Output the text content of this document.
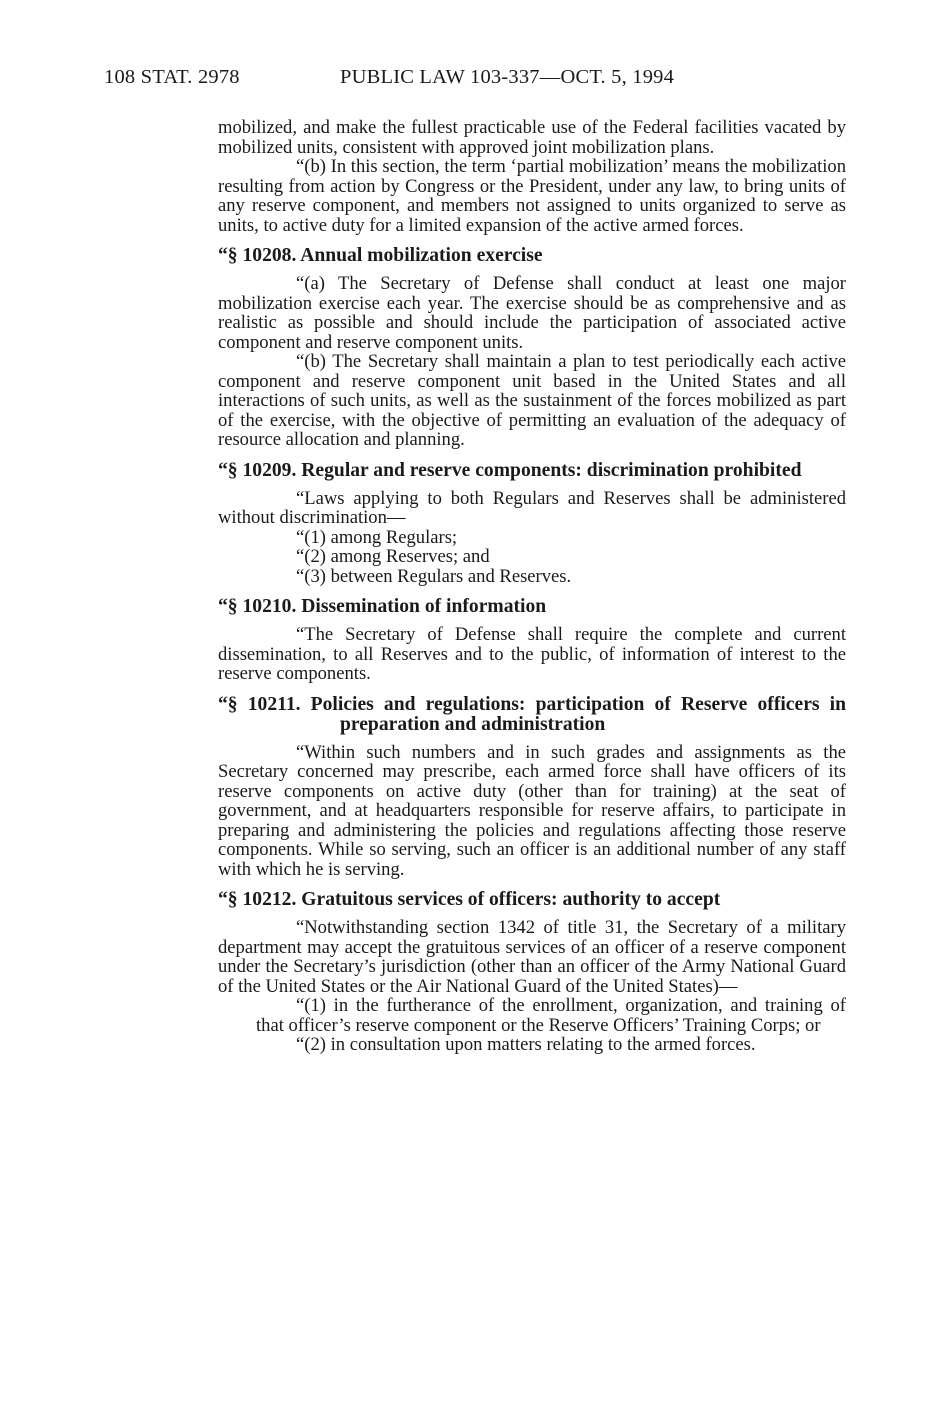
108 STAT. 2978	PUBLIC LAW 103-337—OCT. 5, 1994

mobilized, and make the fullest practicable use of the Federal facilities vacated by mobilized units, consistent with approved joint mobilization plans.

“(b) In this section, the term ‘partial mobilization’ means the mobilization resulting from action by Congress or the President, under any law, to bring units of any reserve component, and members not assigned to units organized to serve as units, to active duty for a limited expansion of the active armed forces.

“§ 10208. Annual mobilization exercise

“(a) The Secretary of Defense shall conduct at least one major mobilization exercise each year. The exercise should be as comprehensive and as realistic as possible and should include the participation of associated active component and reserve component units.

“(b) The Secretary shall maintain a plan to test periodically each active component and reserve component unit based in the United States and all interactions of such units, as well as the sustainment of the forces mobilized as part of the exercise, with the objective of permitting an evaluation of the adequacy of resource allocation and planning.

“§ 10209. Regular and reserve components: discrimination prohibited

“Laws applying to both Regulars and Reserves shall be administered without discrimination—

“(1) among Regulars;

“(2) among Reserves; and

“(3) between Regulars and Reserves.

“§ 10210. Dissemination of information

“The Secretary of Defense shall require the complete and current dissemination, to all Reserves and to the public, of information of interest to the reserve components.

“§ 10211. Policies and regulations: participation of Reserve officers in preparation and administration

“Within such numbers and in such grades and assignments as the Secretary concerned may prescribe, each armed force shall have officers of its reserve components on active duty (other than for training) at the seat of government, and at headquarters responsible for reserve affairs, to participate in preparing and administering the policies and regulations affecting those reserve components. While so serving, such an officer is an additional number of any staff with which he is serving.

“§ 10212. Gratuitous services of officers: authority to accept

“Notwithstanding section 1342 of title 31, the Secretary of a military department may accept the gratuitous services of an officer of a reserve component under the Secretary’s jurisdiction (other than an officer of the Army National Guard of the United States or the Air National Guard of the United States)—

“(1) in the furtherance of the enrollment, organization, and training of that officer’s reserve component or the Reserve Officers’ Training Corps; or

“(2) in consultation upon matters relating to the armed forces.
